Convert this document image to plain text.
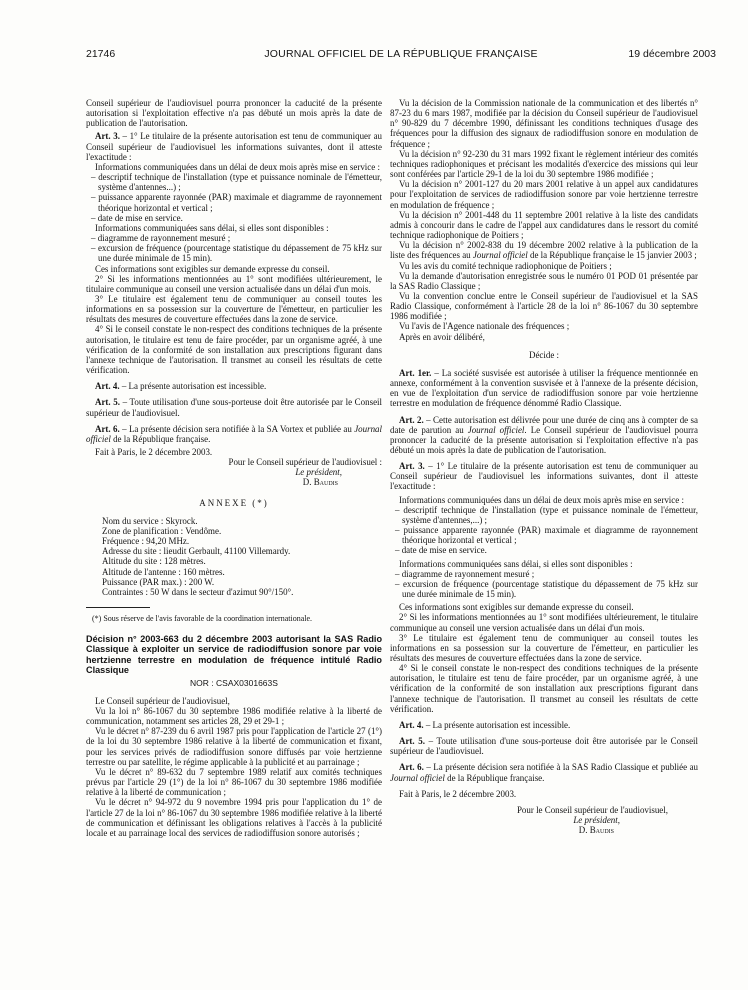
21746	JOURNAL OFFICIEL DE LA RÉPUBLIQUE FRANÇAISE	19 décembre 2003

Conseil supérieur de l'audiovisuel pourra prononcer la caducité de la présente autorisation si l'exploitation effective n'a pas débuté un mois après la date de publication de l'autorisation.

Art. 3. – 1° Le titulaire de la présente autorisation est tenu de communiquer au Conseil supérieur de l'audiovisuel les informations suivantes, dont il atteste l'exactitude :

Informations communiquées dans un délai de deux mois après mise en service :

– descriptif technique de l'installation (type et puissance nominale de l'émetteur, système d'antennes...) ;

– puissance apparente rayonnée (PAR) maximale et diagramme de rayonnement théorique horizontal et vertical ;

– date de mise en service.

Informations communiquées sans délai, si elles sont disponibles :

– diagramme de rayonnement mesuré ;

– excursion de fréquence (pourcentage statistique du dépassement de 75 kHz sur une durée minimale de 15 min).

Ces informations sont exigibles sur demande expresse du conseil.

2° Si les informations mentionnées au 1° sont modifiées ultérieurement, le titulaire communique au conseil une version actualisée dans un délai d'un mois.

3° Le titulaire est également tenu de communiquer au conseil toutes les informations en sa possession sur la couverture de l'émetteur, en particulier les résultats des mesures de couverture effectuées dans la zone de service.

4° Si le conseil constate le non-respect des conditions techniques de la présente autorisation, le titulaire est tenu de faire procéder, par un organisme agréé, à une vérification de la conformité de son installation aux prescriptions figurant dans l'annexe technique de l'autorisation. Il transmet au conseil les résultats de cette vérification.

Art. 4. – La présente autorisation est incessible.

Art. 5. – Toute utilisation d'une sous-porteuse doit être autorisée par le Conseil supérieur de l'audiovisuel.

Art. 6. – La présente décision sera notifiée à la SA Vortex et publiée au Journal officiel de la République française.

Fait à Paris, le 2 décembre 2003.

Pour le Conseil supérieur de l'audiovisuel :

Le président,

D. Baudis

ANNEXE (*)

Nom du service : Skyrock.

Zone de planification : Vendôme.

Fréquence : 94,20 MHz.

Adresse du site : lieudit Gerbault, 41100 Villemardy.

Altitude du site : 128 mètres.

Altitude de l'antenne : 160 mètres.

Puissance (PAR max.) : 200 W.

Contraintes : 50 W dans le secteur d'azimut 90°/150°.

(*) Sous réserve de l'avis favorable de la coordination internationale.

Décision n° 2003-663 du 2 décembre 2003 autorisant la SAS Radio Classique à exploiter un service de radiodiffusion sonore par voie hertzienne terrestre en modulation de fréquence intitulé Radio Classique

NOR : CSAX0301663S

Le Conseil supérieur de l'audiovisuel,

Vu la loi n° 86-1067 du 30 septembre 1986 modifiée relative à la liberté de communication, notamment ses articles 28, 29 et 29-1 ;

Vu le décret n° 87-239 du 6 avril 1987 pris pour l'application de l'article 27 (1°) de la loi du 30 septembre 1986 relative à la liberté de communication et fixant, pour les services privés de radiodiffusion sonore diffusés par voie hertzienne terrestre ou par satellite, le régime applicable à la publicité et au parrainage ;

Vu le décret n° 89-632 du 7 septembre 1989 relatif aux comités techniques prévus par l'article 29 (1°) de la loi n° 86-1067 du 30 septembre 1986 modifiée relative à la liberté de communication ;

Vu le décret n° 94-972 du 9 novembre 1994 pris pour l'application du 1° de l'article 27 de la loi n° 86-1067 du 30 septembre 1986 modifiée relative à la liberté de communication et définissant les obligations relatives à l'accès à la publicité locale et au parrainage local des services de radiodiffusion sonore autorisés ;

Vu la décision de la Commission nationale de la communication et des libertés n° 87-23 du 6 mars 1987, modifiée par la décision du Conseil supérieur de l'audiovisuel n° 90-829 du 7 décembre 1990, définissant les conditions techniques d'usage des fréquences pour la diffusion des signaux de radiodiffusion sonore en modulation de fréquence ;

Vu la décision n° 92-230 du 31 mars 1992 fixant le règlement intérieur des comités techniques radiophoniques et précisant les modalités d'exercice des missions qui leur sont conférées par l'article 29-1 de la loi du 30 septembre 1986 modifiée ;

Vu la décision n° 2001-127 du 20 mars 2001 relative à un appel aux candidatures pour l'exploitation de services de radiodiffusion sonore par voie hertzienne terrestre en modulation de fréquence ;

Vu la décision n° 2001-448 du 11 septembre 2001 relative à la liste des candidats admis à concourir dans le cadre de l'appel aux candidatures dans le ressort du comité technique radiophonique de Poitiers ;

Vu la décision n° 2002-838 du 19 décembre 2002 relative à la publication de la liste des fréquences au Journal officiel de la République française le 15 janvier 2003 ;

Vu les avis du comité technique radiophonique de Poitiers ;

Vu la demande d'autorisation enregistrée sous le numéro 01 POD 01 présentée par la SAS Radio Classique ;

Vu la convention conclue entre le Conseil supérieur de l'audiovisuel et la SAS Radio Classique, conformément à l'article 28 de la loi n° 86-1067 du 30 septembre 1986 modifiée ;

Vu l'avis de l'Agence nationale des fréquences ;

Après en avoir délibéré,

Décide :

Art. 1er. – La société susvisée est autorisée à utiliser la fréquence mentionnée en annexe, conformément à la convention susvisée et à l'annexe de la présente décision, en vue de l'exploitation d'un service de radiodiffusion sonore par voie hertzienne terrestre en modulation de fréquence dénommé Radio Classique.

Art. 2. – Cette autorisation est délivrée pour une durée de cinq ans à compter de sa date de parution au Journal officiel. Le Conseil supérieur de l'audiovisuel pourra prononcer la caducité de la présente autorisation si l'exploitation effective n'a pas débuté un mois après la date de publication de l'autorisation.

Art. 3. – 1° Le titulaire de la présente autorisation est tenu de communiquer au Conseil supérieur de l'audiovisuel les informations suivantes, dont il atteste l'exactitude :

Informations communiquées dans un délai de deux mois après mise en service :

– descriptif technique de l'installation (type et puissance nominale de l'émetteur, système d'antennes,...) ;

– puissance apparente rayonnée (PAR) maximale et diagramme de rayonnement théorique horizontal et vertical ;

– date de mise en service.

Informations communiquées sans délai, si elles sont disponibles :

– diagramme de rayonnement mesuré ;

– excursion de fréquence (pourcentage statistique du dépassement de 75 kHz sur une durée minimale de 15 min).

Ces informations sont exigibles sur demande expresse du conseil.

2° Si les informations mentionnées au 1° sont modifiées ultérieurement, le titulaire communique au conseil une version actualisée dans un délai d'un mois.

3° Le titulaire est également tenu de communiquer au conseil toutes les informations en sa possession sur la couverture de l'émetteur, en particulier les résultats des mesures de couverture effectuées dans la zone de service.

4° Si le conseil constate le non-respect des conditions techniques de la présente autorisation, le titulaire est tenu de faire procéder, par un organisme agréé, à une vérification de la conformité de son installation aux prescriptions figurant dans l'annexe technique de l'autorisation. Il transmet au conseil les résultats de cette vérification.

Art. 4. – La présente autorisation est incessible.

Art. 5. – Toute utilisation d'une sous-porteuse doit être autorisée par le Conseil supérieur de l'audiovisuel.

Art. 6. – La présente décision sera notifiée à la SAS Radio Classique et publiée au Journal officiel de la République française.

Fait à Paris, le 2 décembre 2003.

Pour le Conseil supérieur de l'audiovisuel,

Le président,

D. Baudis
